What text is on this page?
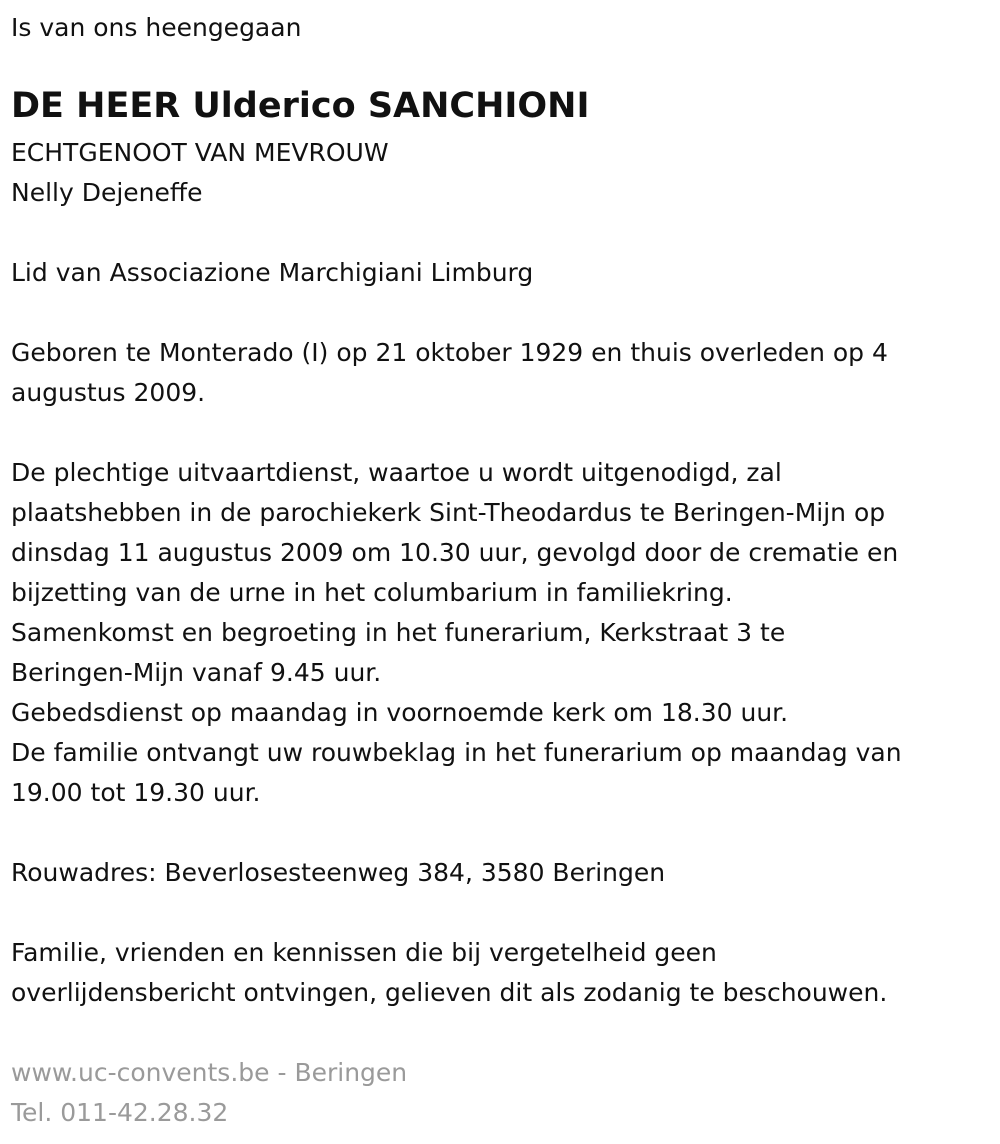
Is van ons heengegaan

DE HEER Ulderico SANCHIONI

ECHTGENOOT VAN MEVROUW

Nelly Dejeneffe

Lid van Associazione Marchigiani Limburg

Geboren te Monterado (I) op 21 oktober 1929 en thuis overleden op 4

augustus 2009.

De plechtige uitvaartdienst, waartoe u wordt uitgenodigd, zal

plaatshebben in de parochiekerk Sint-Theodardus te Beringen-Mijn op

dinsdag 11 augustus 2009 om 10.30 uur, gevolgd door de crematie en

bijzetting van de urne in het columbarium in familiekring.

Samenkomst en begroeting in het funerarium, Kerkstraat 3 te

Beringen-Mijn vanaf 9.45 uur.

Gebedsdienst op maandag in voornoemde kerk om 18.30 uur.

De familie ontvangt uw rouwbeklag in het funerarium op maandag van

19.00 tot 19.30 uur.

Rouwadres: Beverlosesteenweg 384, 3580 Beringen

Familie, vrienden en kennissen die bij vergetelheid geen

overlijdensbericht ontvingen, gelieven dit als zodanig te beschouwen.

www.uc-convents.be - Beringen

Tel. 011-42.28.32
